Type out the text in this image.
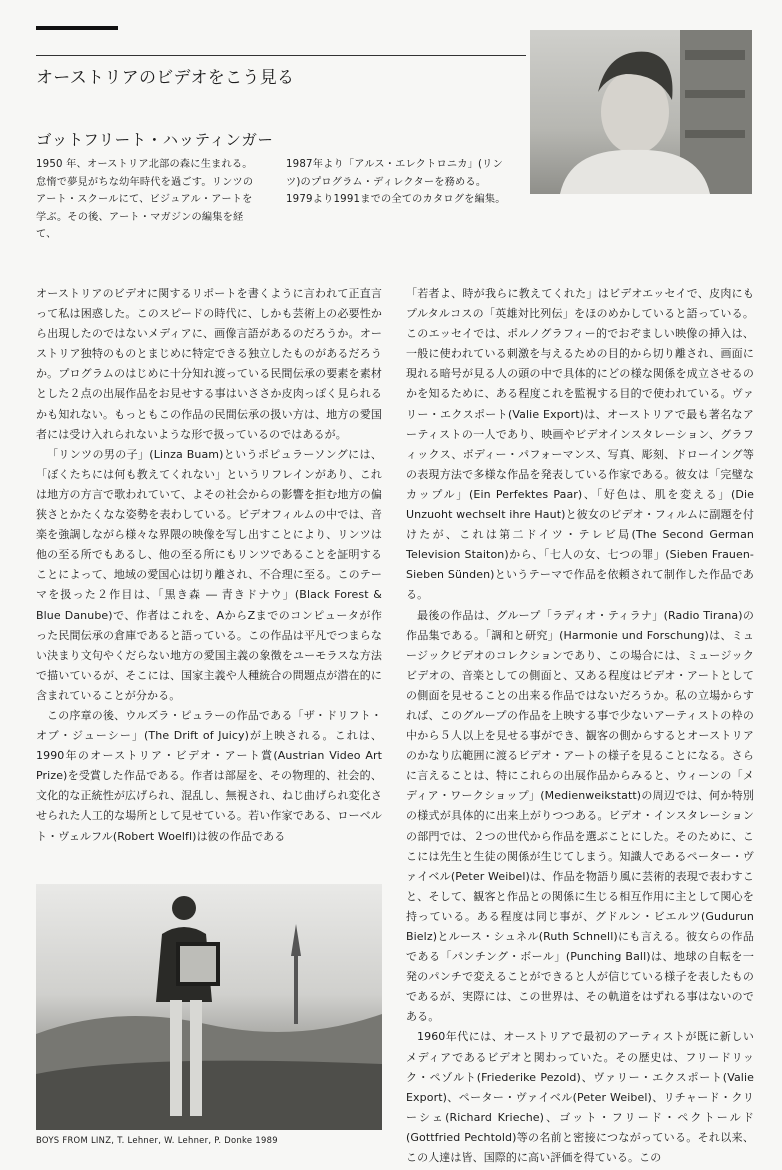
オーストリアのビデオをこう見る
ゴットフリート・ハッティンガー
1950 年、オーストリア北部の森に生まれる。怠惰で夢見がちな幼年時代を過ごす。リンツのアート・スクールにて、ビジュアル・アートを学ぶ。その後、アート・マガジンの編集を経て、
1987年より「アルス・エレクトロニカ」(リンツ)のプログラム・ディレクターを務める。1979より1991までの全てのカタログを編集。

オーストリアのビデオに関するリポートを書くように言われて正直言って私は困惑した。このスピードの時代に、しかも芸術上の必要性から出現したのではないメディアに、画像言語があるのだろうか。オーストリア独特のものとまじめに特定できる独立したものがあるだろうか。プログラムのはじめに十分知れ渡っている民間伝承の要素を素材とした２点の出展作品をお見せする事はいささか皮肉っぽく見られるかも知れない。もっともこの作品の民間伝承の扱い方は、地方の愛国者には受け入れられないような形で扱っているのではあるが。

「リンツの男の子」(Linza Buam)というポピュラーソングには、「ぼくたちには何も教えてくれない」というリフレインがあり、これは地方の方言で歌われていて、よその社会からの影響を拒む地方の偏狭さとかたくなな姿勢を表わしている。ビデオフィルムの中では、音楽を強調しながら様々な界隈の映像を写し出すことにより、リンツは他の至る所でもあるし、他の至る所にもリンツであることを証明することによって、地域の愛国心は切り離され、不合理に至る。このテーマを扱った２作目は、「黒き森 ― 青きドナウ」(Black Forest & Blue Danube)で、作者はこれを、AからZまでのコンピュータが作った民間伝承の倉庫であると語っている。この作品は平凡でつまらない決まり文句やくだらない地方の愛国主義の象徴をユーモラスな方法で描いているが、そこには、国家主義や人種統合の問題点が潜在的に含まれていることが分かる。

この序章の後、ウルズラ・ピュラーの作品である「ザ・ドリフト・オブ・ジューシー」(The Drift of Juicy)が上映される。これは、1990年のオーストリア・ビデオ・アート賞(Austrian Video Art Prize)を受賞した作品である。作者は部屋を、その物理的、社会的、文化的な正統性が広げられ、混乱し、無視され、ねじ曲げられ変化させられた人工的な場所として見せている。若い作家である、ローベルト・ヴェルフル(Robert Woelfl)は彼の作品である

「若者よ、時が我らに教えてくれた」はビデオエッセイで、皮肉にもプルタルコスの「英雄対比列伝」をほのめかしていると語っている。このエッセイでは、ポルノグラフィー的でおぞましい映像の挿入は、一般に使われている刺激を与えるための目的から切り離され、画面に現れる暗号が見る人の頭の中で具体的にどの様な関係を成立させるのかを知るために、ある程度これを監視する目的で使われている。ヴァリー・エクスポート(Valie Export)は、オーストリアで最も著名なアーティストの一人であり、映画やビデオインスタレーション、グラフィックス、ボディー・パフォーマンス、写真、彫刻、ドローイング等の表現方法で多様な作品を発表している作家である。彼女は「完璧なカップル」(Ein Perfektes Paar)、「好色は、肌を変える」(Die Unzuoht wechselt ihre Haut)と彼女のビデオ・フィルムに副題を付けたが、これは第二ドイツ・テレビ局(The Second German Television Staiton)から、「七人の女、七つの罪」(Sieben Frauen-Sieben Sünden)というテーマで作品を依頼されて制作した作品である。

最後の作品は、グループ「ラディオ・ティラナ」(Radio Tirana)の作品集である。「調和と研究」(Harmonie und Forschung)は、ミュージックビデオのコレクションであり、この場合には、ミュージックビデオの、音楽としての側面と、又ある程度はビデオ・アートとしての側面を見せることの出来る作品ではないだろうか。私の立場からすれば、このグループの作品を上映する事で少ないアーティストの枠の中から５人以上を見せる事ができ、観客の側からするとオーストリアのかなり広範囲に渡るビデオ・アートの様子を見ることになる。さらに言えることは、特にこれらの出展作品からみると、ウィーンの「メディア・ワークショップ」(Medienweikstatt)の周辺では、何か特別の様式が具体的に出来上がりつつある。ビデオ・インスタレーションの部門では、２つの世代から作品を選ぶことにした。そのために、ここには先生と生徒の関係が生じてしまう。知識人であるペーター・ヴァイベル(Peter Weibel)は、作品を物語り風に芸術的表現で表わすこと、そして、観客と作品との関係に生じる相互作用に主として関心を持っている。ある程度は同じ事が、グドルン・ビエルツ(Gudurun Bielz)とルース・シュネル(Ruth Schnell)にも言える。彼女らの作品である「パンチング・ボール」(Punching Ball)は、地球の自転を一発のパンチで変えることができると人が信じている様子を表したものであるが、実際には、この世界は、その軌道をはずれる事はないのである。

1960年代には、オーストリアで最初のアーティストが既に新しいメディアであるビデオと関わっていた。その歴史は、フリードリック・ペゾルト(Friederike Pezold)、ヴァリー・エクスポート(Valie Export)、ペーター・ヴァイベル(Peter Weibel)、リチャード・クリーシェ(Richard Krieche)、ゴット・フリード・ペクトールド(Gottfried Pechtold)等の名前と密接につながっている。それ以来、この人達は皆、国際的に高い評価を得ている。この

BOYS FROM LINZ, T. Lehner, W. Lehner, P. Donke 1989
